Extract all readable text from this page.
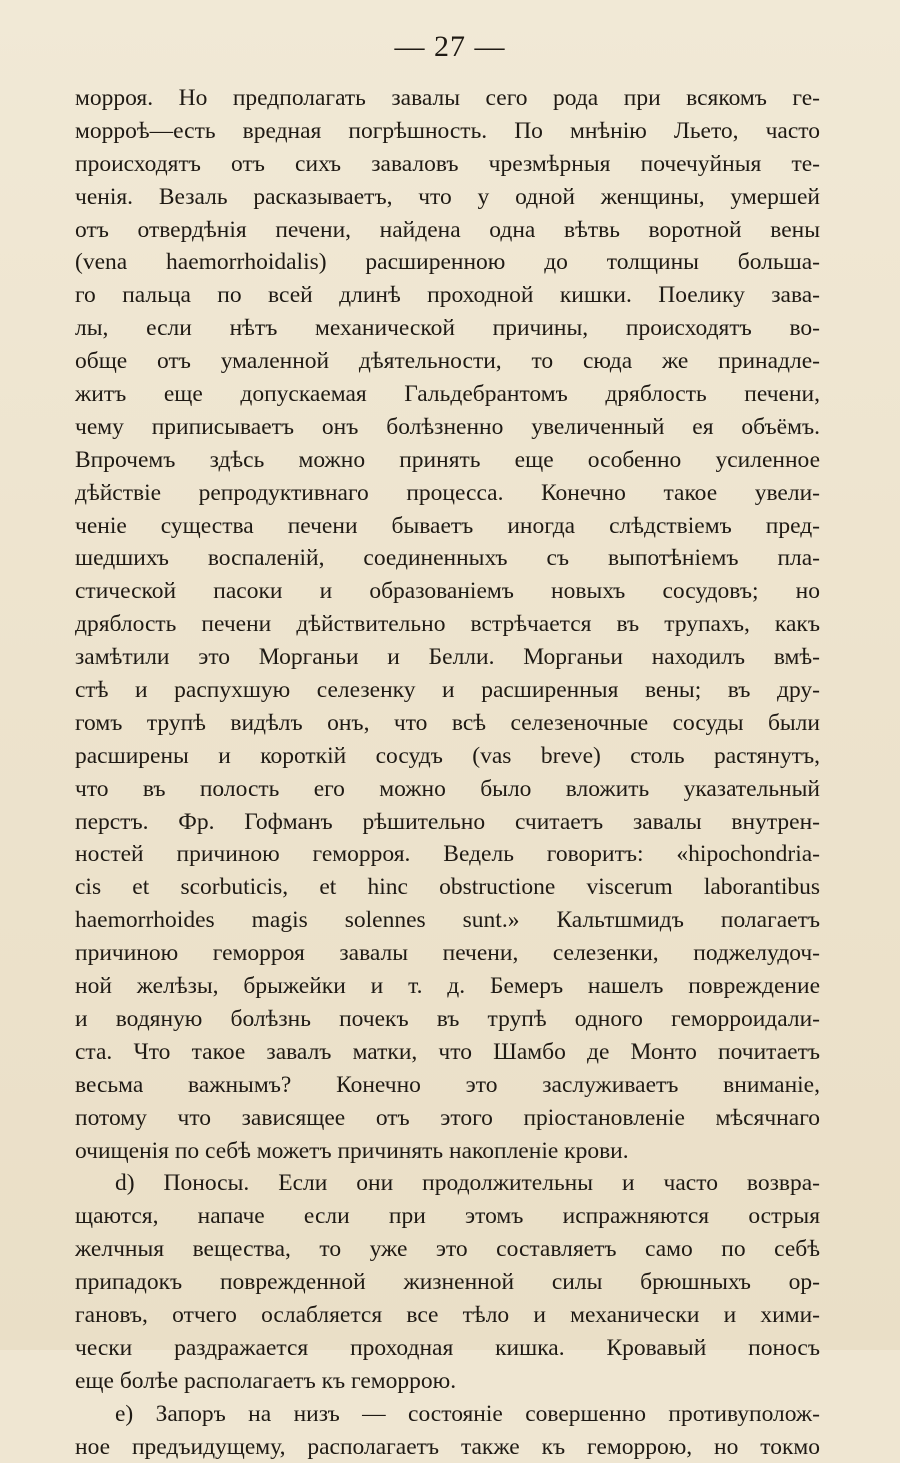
— 27 —
морроя. Но предполагать завалы сего рода при всякомъ ге-
морроѣ—есть вредная погрѣшность. По мнѣнію Льето, часто
происходятъ отъ сихъ заваловъ чрезмѣрныя почечуйныя те-
ченія. Везаль расказываетъ, что у одной женщины, умершей
отъ отвердѣнія печени, найдена одна вѣтвь воротной вены
(vena haemorrhoidalis) расширенною до толщины большa-
го пальца по всей длинѣ проходной кишки. Поелику зава-
лы, если нѣтъ механической причины, происходятъ во-
обще отъ умаленной дѣятельности, то сюда же принадле-
житъ еще допускаемая Гальдебрантомъ дряблость печени,
чему приписываетъ онъ болѣзненно увеличенный ея объёмъ.
Впрочемъ здѣсь можно принять еще особенно усиленное
дѣйствіе репродуктивнаго процесса. Конечно такое увели-
ченіе существа печени бываетъ иногда слѣдствіемъ пред-
шедшихъ воспаленій, соединенныхъ съ выпотѣніемъ пла-
стической пасоки и образованіемъ новыхъ сосудовъ; но
дряблость печени дѣйствительно встрѣчается въ трупахъ, какъ
замѣтили это Морганьи и Белли. Морганьи находилъ вмѣ-
стѣ и распухшую селезенку и расширенныя вены; въ дру-
гомъ трупѣ видѣлъ онъ, что всѣ селезеночные сосуды были
расширены и короткій сосудъ (vas breve) столь растянутъ,
что въ полость его можно было вложить указательный
перстъ. Фр. Гофманъ рѣшительно считаетъ завалы внутрен-
ностей причиною геморроя. Ведель говоритъ: «hipochondria-
cis et scorbuticis, et hinc obstructione viscerum laborantibus
haemorrhoides magis solennes sunt.» Кальтшмидъ полагаетъ
причиною геморроя завалы печени, селезенки, поджелудоч-
ной желѣзы, брыжейки и т. д. Бемеръ нашелъ повреждение
и водяную болѣзнь почекъ въ трупѣ одного геморроидали-
ста. Что такое завалъ матки, что Шамбо де Монто почитаетъ
весьма важнымъ? Конечно это заслуживаетъ вниманіе,
потому что зависящее отъ этого пріостановленіе мѣсячнаго
очищенія по себѣ можетъ причинять накопленіе крови.
d) Поносы. Если они продолжительны и часто возвра-
щаются, напаче если при этомъ испражняются острыя
желчныя вещества, то уже это составляетъ само по себѣ
припадокъ поврежденной жизненной силы брюшныхъ ор-
гановъ, отчего ослабляется все тѣло и механически и хими-
чески раздражается проходная кишка. Кровавый поносъ
еще болѣе располагаетъ къ геморрою.
e) Запоръ на низъ — состояніе совершенно противуполож-
ное предъидущему, располагаетъ также къ геморрою, но токмо
